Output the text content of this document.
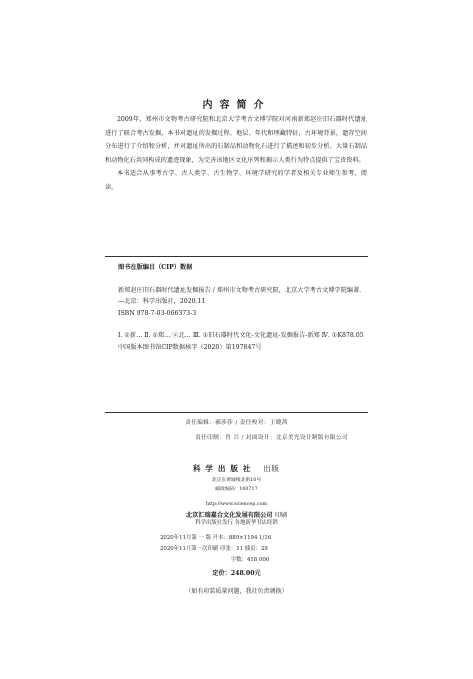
内容简介

2009年，郑州市文物考古研究院和北京大学考古文博学院对河南新郑赵庄旧石器时代遗址进行了联合考古发掘。本书对遗址的发掘过程、地层、年代和埋藏特征，古环境背景，遗存空间分布进行了介绍和分析，并对遗址所出的石制品和动物化石进行了描述和初步分析。大量石制品和动物化石共同构成的遗迹现象，为完善该地区文化序列和揭示人类行为特点提供了宝贵资料。

本书适合从事考古学、古人类学、古生物学、环境学研究的学者及相关专业师生参考、阅读。

图书在版编目（CIP）数据
新郑赵庄旧石器时代遗址发掘报告 / 郑州市文物考古研究院，北京大学考古文博学院编著. —北京：科学出版社，2020.11
ISBN 978-7-03-066373-3
Ⅰ. ①新… Ⅱ. ①郑… ②北… Ⅲ. ①旧石器时代文化-文化遗址-发掘报告-新郑 Ⅳ. ①K878.05
中国版本图书馆CIP数据核字（2020）第197847号
责任编辑：郝莎莎 / 责任校对：王晓茜
责任印制：肖 兴 / 封面设计：北京美光设计制版有限公司
科学出版社 出版
北京东黄城根北街16号
邮政编码：100717
http://www.sciencep.com
北京汇瑞嘉合文化发展有限公司 印刷
科学出版社发行 各地新华书店经销
2020年11月第 一 版 开本：889×1194 1/16
2020年11月第一次印刷 印张：11 插页：29
字数：418 000
定价：248.00元
（如有印装质量问题，我社负责调换）
